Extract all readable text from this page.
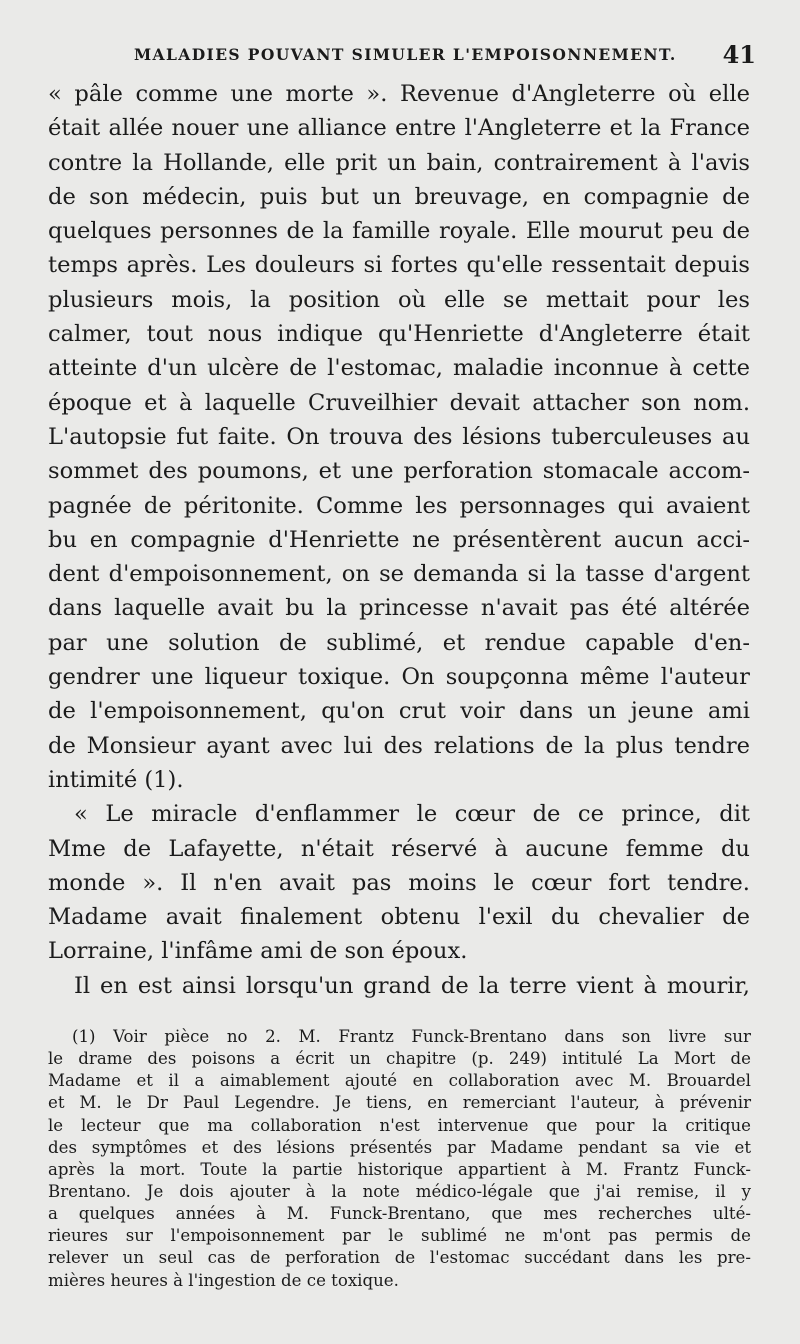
MALADIES POUVANT SIMULER L'EMPOISONNEMENT. 41
« pâle comme une morte ». Revenue d'Angleterre où elle
était allée nouer une alliance entre l'Angleterre et la France
contre la Hollande, elle prit un bain, contrairement à l'avis
de son médecin, puis but un breuvage, en compagnie de
quelques personnes de la famille royale. Elle mourut peu de
temps après. Les douleurs si fortes qu'elle ressentait depuis
plusieurs mois, la position où elle se mettait pour les
calmer, tout nous indique qu'Henriette d'Angleterre était
atteinte d'un ulcère de l'estomac, maladie inconnue à cette
époque et à laquelle Cruveilhier devait attacher son nom.
L'autopsie fut faite. On trouva des lésions tuberculeuses au
sommet des poumons, et une perforation stomacale accom-
pagnée de péritonite. Comme les personnages qui avaient
bu en compagnie d'Henriette ne présentèrent aucun acci-
dent d'empoisonnement, on se demanda si la tasse d'argent
dans laquelle avait bu la princesse n'avait pas été altérée
par une solution de sublimé, et rendue capable d'en-
gendrer une liqueur toxique. On soupçonna même l'auteur
de l'empoisonnement, qu'on crut voir dans un jeune ami
de Monsieur ayant avec lui des relations de la plus tendre
intimité (1).
« Le miracle d'enflammer le cœur de ce prince, dit
Mme de Lafayette, n'était réservé à aucune femme du
monde ». Il n'en avait pas moins le cœur fort tendre.
Madame avait finalement obtenu l'exil du chevalier de
Lorraine, l'infâme ami de son époux.
Il en est ainsi lorsqu'un grand de la terre vient à mourir,
(1) Voir pièce no 2. M. Frantz Funck-Brentano dans son livre sur
le drame des poisons a écrit un chapitre (p. 249) intitulé La Mort de
Madame et il a aimablement ajouté en collaboration avec M. Brouardel
et M. le Dr Paul Legendre. Je tiens, en remerciant l'auteur, à prévenir
le lecteur que ma collaboration n'est intervenue que pour la critique
des symptômes et des lésions présentés par Madame pendant sa vie et
après la mort. Toute la partie historique appartient à M. Frantz Funck-
Brentano. Je dois ajouter à la note médico-légale que j'ai remise, il y
a quelques années à M. Funck-Brentano, que mes recherches ulté-
rieures sur l'empoisonnement par le sublimé ne m'ont pas permis de
relever un seul cas de perforation de l'estomac succédant dans les pre-
mières heures à l'ingestion de ce toxique.
